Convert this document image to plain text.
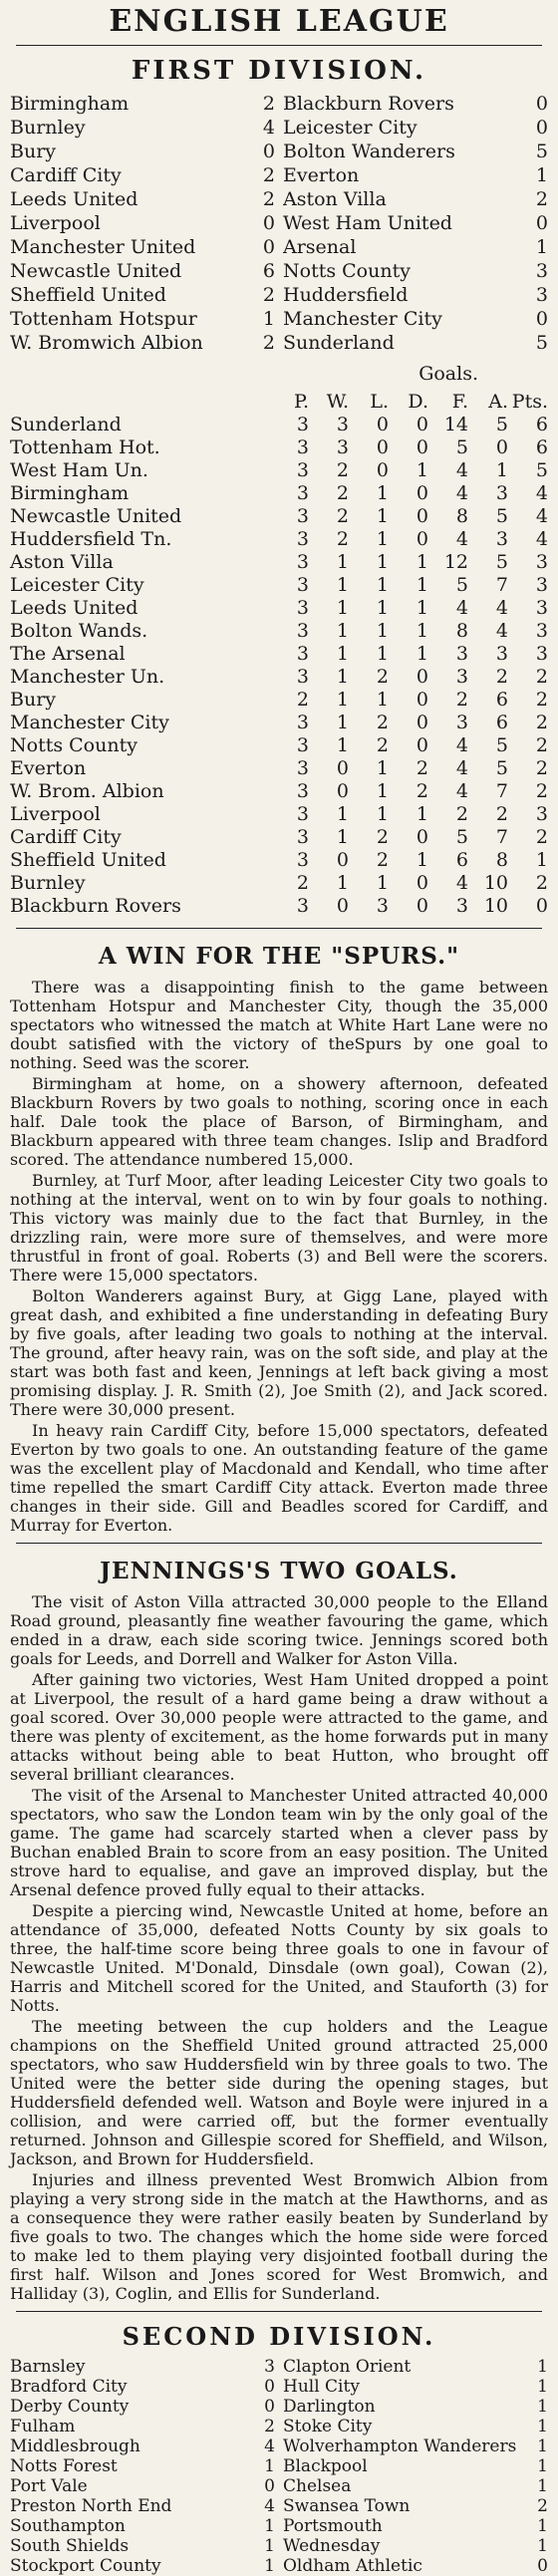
ENGLISH LEAGUE
FIRST DIVISION.
Birmingham	2 Blackburn Rovers	0
Burnley	4 Leicester City	0
Bury	0 Bolton Wanderers	5
Cardiff City	2 Everton	1
Leeds United	2 Aston Villa	2
Liverpool	0 West Ham United	0
Manchester United	0 Arsenal	1
Newcastle United	6 Notts County	3
Sheffield United	2 Huddersfield	3
Tottenham Hotspur	1 Manchester City	0
W. Bromwich Albion	2 Sunderland	5
Goals.
	P.	W.	L.	D.	F.	A.	Pts.
Sunderland	3	3	0	0	14	5	6
Tottenham Hot.	3	3	0	0	5	0	6
West Ham Un.	3	2	0	1	4	1	5
Birmingham	3	2	1	0	4	3	4
Newcastle United	3	2	1	0	8	5	4
Huddersfield Tn.	3	2	1	0	4	3	4
Aston Villa	3	1	1	1	12	5	3
Leicester City	3	1	1	1	5	7	3
Leeds United	3	1	1	1	4	4	3
Bolton Wands.	3	1	1	1	8	4	3
The Arsenal	3	1	1	1	3	3	3
Manchester Un.	3	1	2	0	3	2	2
Bury	2	1	1	0	2	6	2
Manchester City	3	1	2	0	3	6	2
Notts County	3	1	2	0	4	5	2
Everton	3	0	1	2	4	5	2
W. Brom. Albion	3	0	1	2	4	7	2
Liverpool	3	1	1	1	2	2	3
Cardiff City	3	1	2	0	5	7	2
Sheffield United	3	0	2	1	6	8	1
Burnley	2	1	1	0	4	10	2
Blackburn Rovers	3	0	3	0	3	10	0
A WIN FOR THE "SPURS."

There was a disappointing finish to the game between Tottenham Hotspur and Manchester City, though the 35,000 spectators who witnessed the match at White Hart Lane were no doubt satisfied with the victory of theSpurs by one goal to nothing. Seed was the scorer.

Birmingham at home, on a showery afternoon, defeated Blackburn Rovers by two goals to nothing, scoring once in each half. Dale took the place of Barson, of Birmingham, and Blackburn appeared with three team changes. Islip and Bradford scored. The attendance numbered 15,000.

Burnley, at Turf Moor, after leading Leicester City two goals to nothing at the interval, went on to win by four goals to nothing. This victory was mainly due to the fact that Burnley, in the drizzling rain, were more sure of themselves, and were more thrustful in front of goal. Roberts (3) and Bell were the scorers. There were 15,000 spectators.

Bolton Wanderers against Bury, at Gigg Lane, played with great dash, and exhibited a fine understanding in defeating Bury by five goals, after leading two goals to nothing at the interval. The ground, after heavy rain, was on the soft side, and play at the start was both fast and keen, Jennings at left back giving a most promising display. J. R. Smith (2), Joe Smith (2), and Jack scored. There were 30,000 present.

In heavy rain Cardiff City, before 15,000 spectators, defeated Everton by two goals to one. An outstanding feature of the game was the excellent play of Macdonald and Kendall, who time after time repelled the smart Cardiff City attack. Everton made three changes in their side. Gill and Beadles scored for Cardiff, and Murray for Everton.

JENNINGS'S TWO GOALS.

The visit of Aston Villa attracted 30,000 people to the Elland Road ground, pleasantly fine weather favouring the game, which ended in a draw, each side scoring twice. Jennings scored both goals for Leeds, and Dorrell and Walker for Aston Villa.

After gaining two victories, West Ham United dropped a point at Liverpool, the result of a hard game being a draw without a goal scored. Over 30,000 people were attracted to the game, and there was plenty of excitement, as the home forwards put in many attacks without being able to beat Hutton, who brought off several brilliant clearances.

The visit of the Arsenal to Manchester United attracted 40,000 spectators, who saw the London team win by the only goal of the game. The game had scarcely started when a clever pass by Buchan enabled Brain to score from an easy position. The United strove hard to equalise, and gave an improved display, but the Arsenal defence proved fully equal to their attacks.

Despite a piercing wind, Newcastle United at home, before an attendance of 35,000, defeated Notts County by six goals to three, the half-time score being three goals to one in favour of Newcastle United. M'Donald, Dinsdale (own goal), Cowan (2), Harris and Mitchell scored for the United, and Stauforth (3) for Notts.

The meeting between the cup holders and the League champions on the Sheffield United ground attracted 25,000 spectators, who saw Huddersfield win by three goals to two. The United were the better side during the opening stages, but Huddersfield defended well. Watson and Boyle were injured in a collision, and were carried off, but the former eventually returned. Johnson and Gillespie scored for Sheffield, and Wilson, Jackson, and Brown for Huddersfield.

Injuries and illness prevented West Bromwich Albion from playing a very strong side in the match at the Hawthorns, and as a consequence they were rather easily beaten by Sunderland by five goals to two. The changes which the home side were forced to make led to them playing very disjointed football during the first half. Wilson and Jones scored for West Bromwich, and Halliday (3), Coglin, and Ellis for Sunderland.

SECOND DIVISION.
Barnsley	3 Clapton Orient	1
Bradford City	0 Hull City	1
Derby County	0 Darlington	1
Fulham	2 Stoke City	1
Middlesbrough	4 Wolverhampton Wanderers	1
Notts Forest	1 Blackpool	1
Port Vale	0 Chelsea	1
Preston North End	4 Swansea Town	2
Southampton	1 Portsmouth	1
South Shields	1 Wednesday	1
Stockport County	1 Oldham Athletic	0
